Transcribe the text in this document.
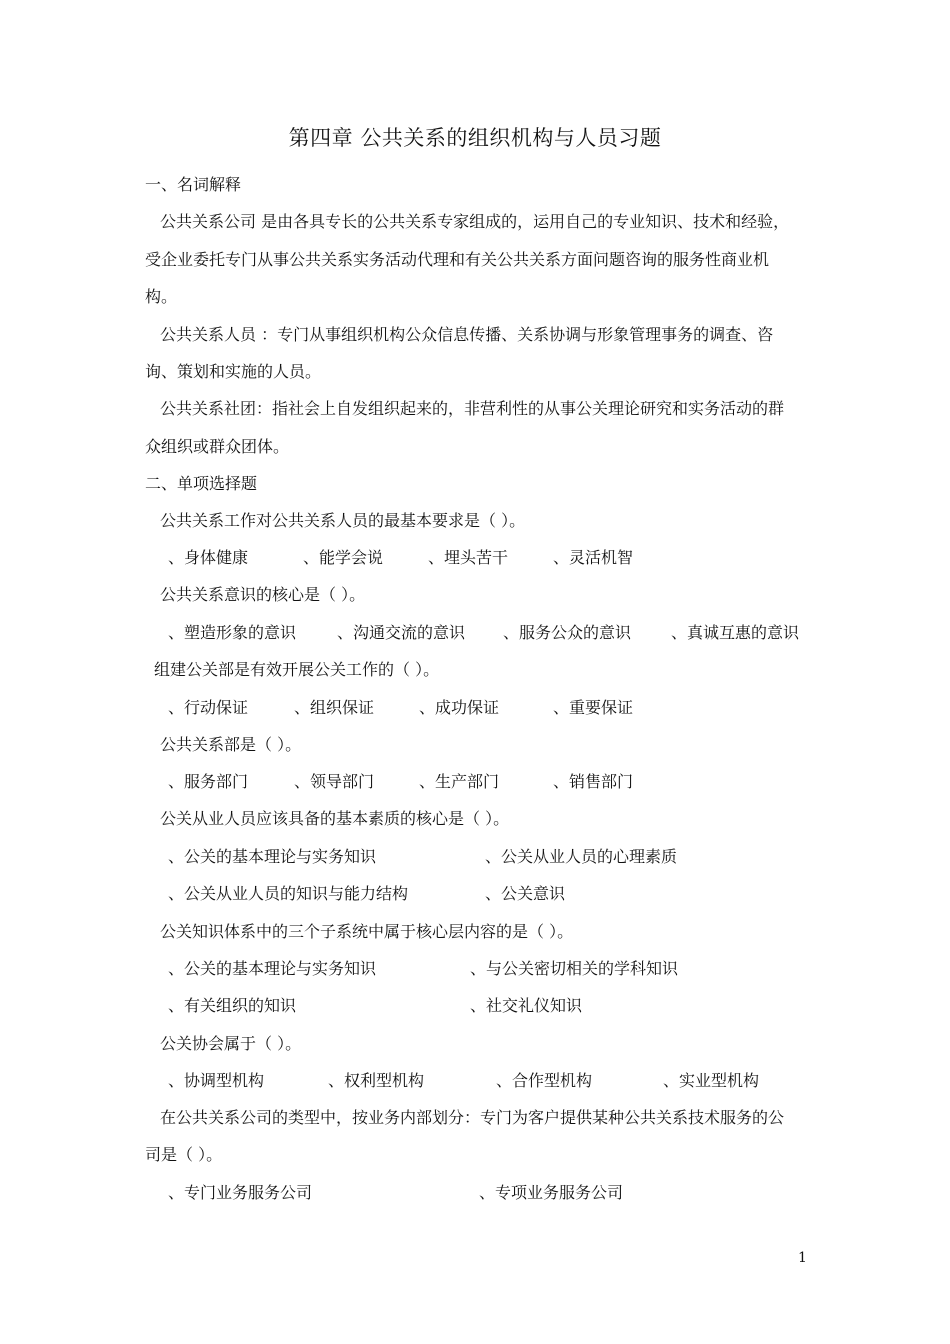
第四章 公共关系的组织机构与人员习题
一、名词解释
公共关系公司 是由各具专长的公共关系专家组成的，运用自己的专业知识、技术和经验，
受企业委托专门从事公共关系实务活动代理和有关公共关系方面问题咨询的服务性商业机
构。
公共关系人员 ：专门从事组织机构公众信息传播、关系协调与形象管理事务的调查、咨
询、策划和实施的人员。
公共关系社团：指社会上自发组织起来的，非营利性的从事公关理论研究和实务活动的群
众组织或群众团体。
二、单项选择题
公共关系工作对公共关系人员的最基本要求是（ ）。
、身体健康	、能学会说	、埋头苦干	、灵活机智
公共关系意识的核心是（ ）。
、塑造形象的意识	、沟通交流的意识 、服务公众的意识 、真诚互惠的意识
组建公关部是有效开展公关工作的（ ）。
、行动保证	、组织保证	、成功保证	、重要保证
公共关系部是（ ）。
、服务部门	、领导部门	、生产部门	、销售部门
公关从业人员应该具备的基本素质的核心是（ ）。
、公关的基本理论与实务知识	、公关从业人员的心理素质
、公关从业人员的知识与能力结构	、公关意识
公关知识体系中的三个子系统中属于核心层内容的是（ ）。
、公关的基本理论与实务知识	、与公关密切相关的学科知识
、有关组织的知识	、社交礼仪知识
公关协会属于（ ）。
、协调型机构	、权利型机构	、合作型机构	、实业型机构
在公共关系公司的类型中，按业务内部划分：专门为客户提供某种公共关系技术服务的公
司是（ ）。
、专门业务服务公司	、专项业务服务公司
1
